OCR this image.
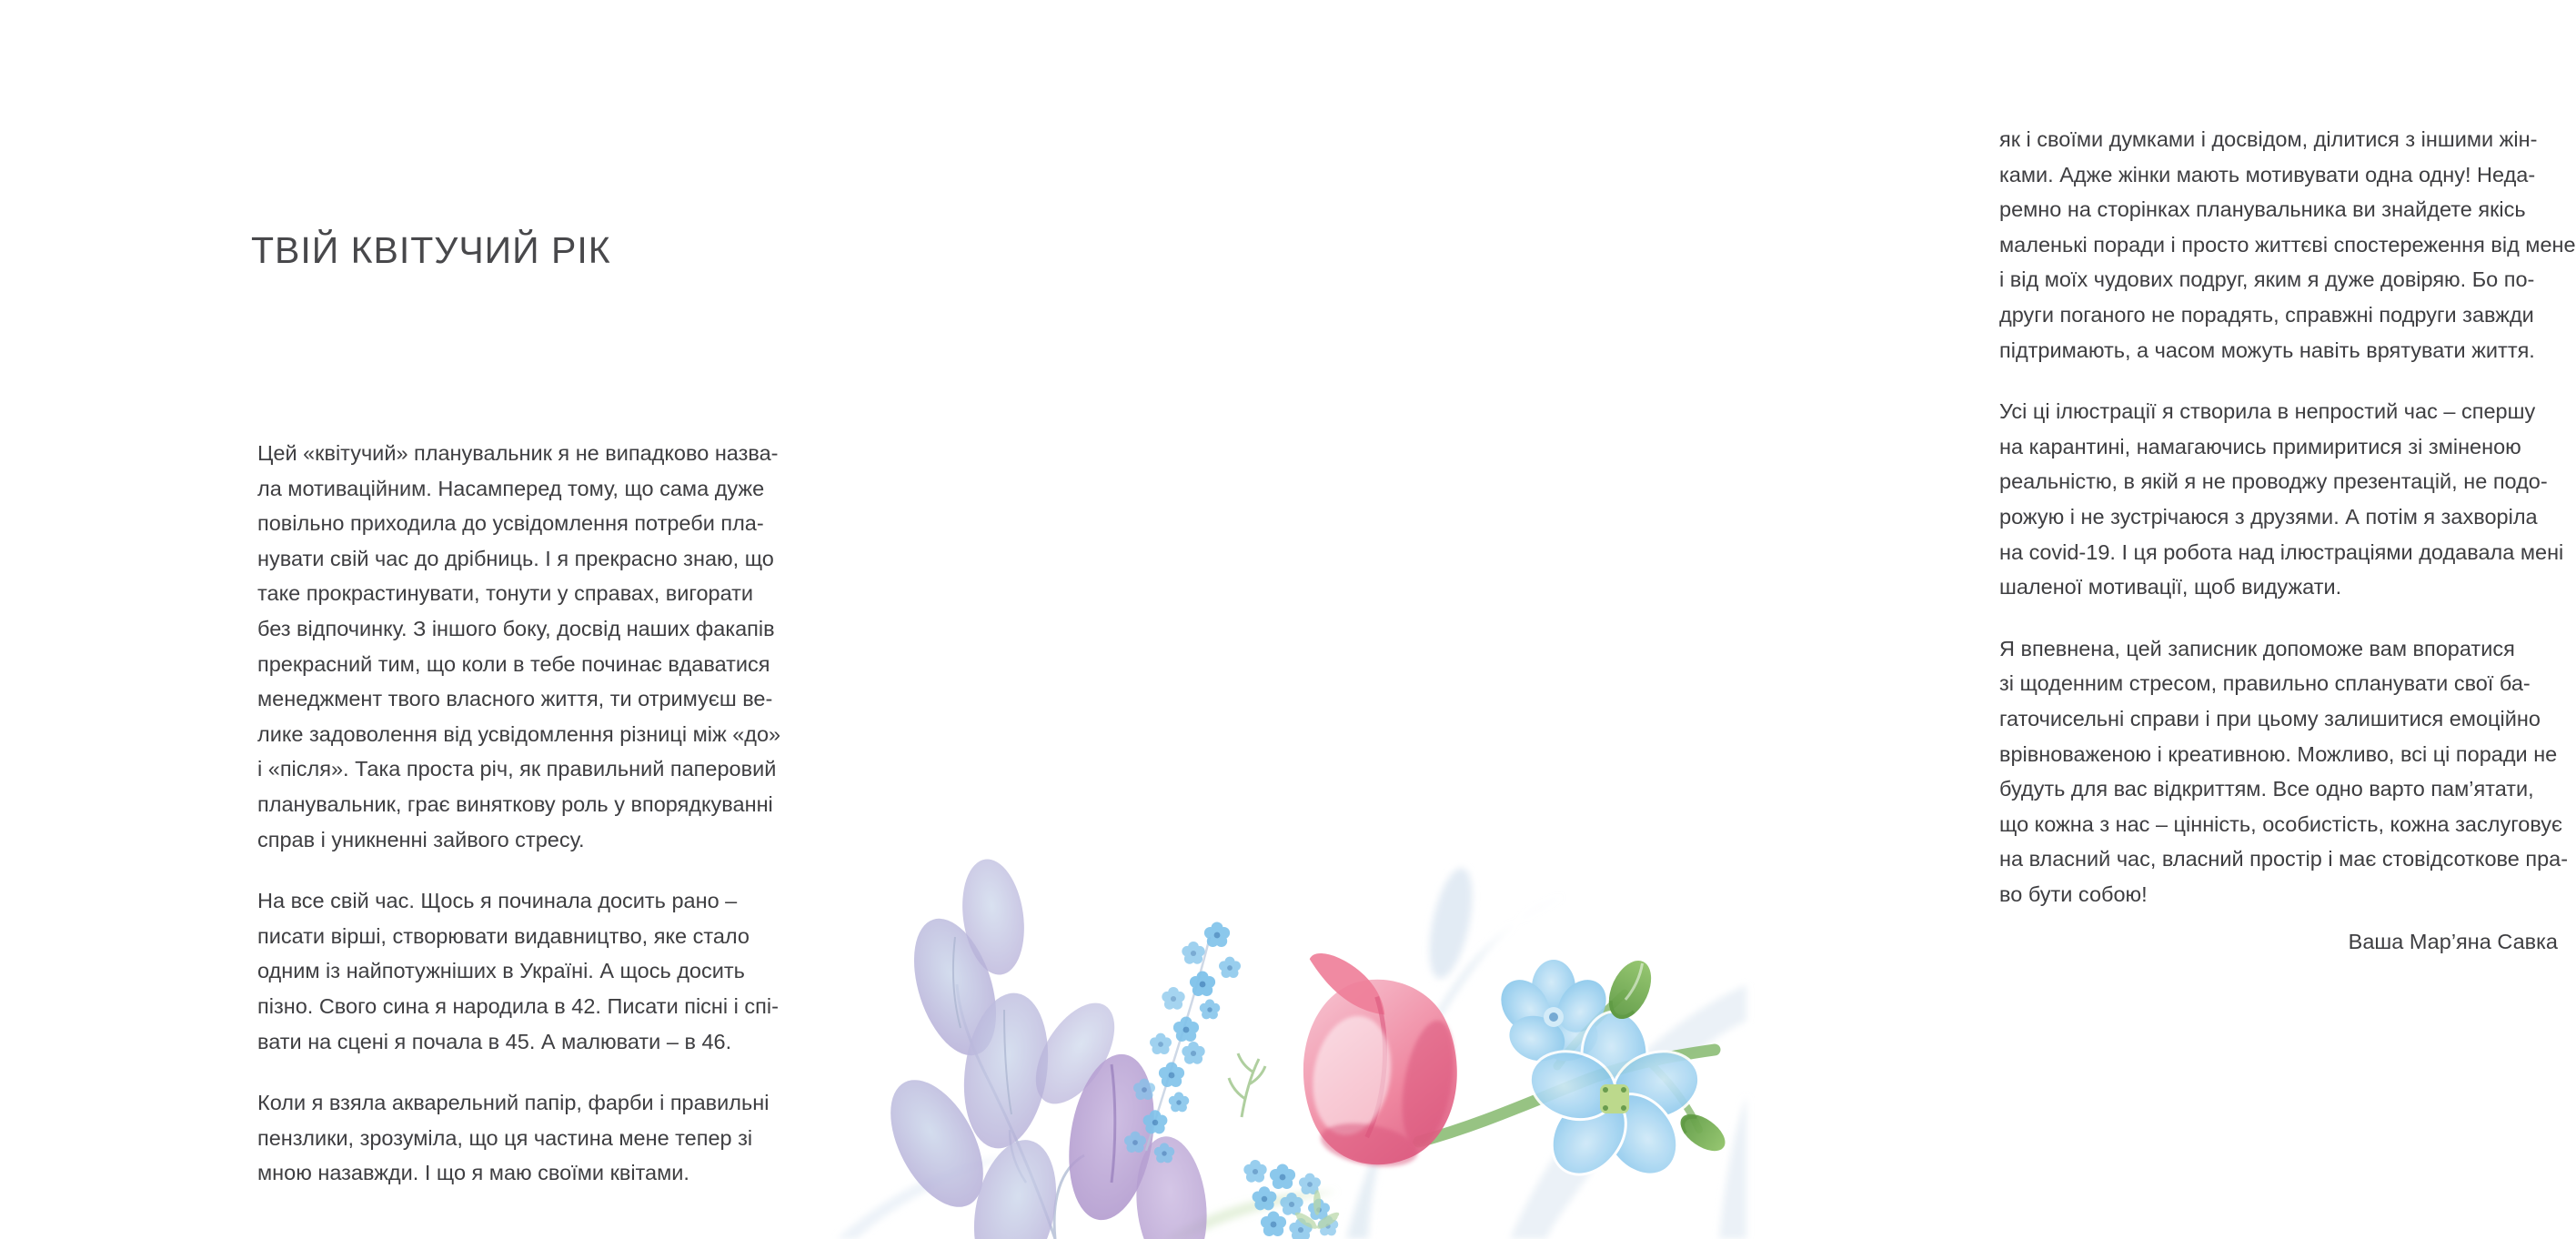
ТВІЙ КВІТУЧИЙ РІК
Цей «квітучий» планувальник я не випадково назва-
ла мотиваційним. Насамперед тому, що сама дуже
повільно приходила до усвідомлення потреби пла-
нувати свій час до дрібниць. І я прекрасно знаю, що
таке прокрастинувати, тонути у справах, вигорати
без відпочинку. З іншого боку, досвід наших факапів
прекрасний тим, що коли в тебе починає вдаватися
менеджмент твого власного життя, ти отримуєш ве-
лике задоволення від усвідомлення різниці між «до»
і «після». Така проста річ, як правильний паперовий
планувальник, грає виняткову роль у впорядкуванні
справ і уникненні зайвого стресу.
На все свій час. Щось я починала досить рано –
писати вірші, створювати видавництво, яке стало
одним із найпотужніших в Україні. А щось досить
пізно. Свого сина я народила в 42. Писати пісні і спі-
вати на сцені я почала в 45. А малювати – в 46.
Коли я взяла акварельний папір, фарби і правильні
пензлики, зрозуміла, що ця частина мене тепер зі
мною назавжди. І що я маю своїми квітами.
як і своїми думками і досвідом, ділитися з іншими жін-
ками. Адже жінки мають мотивувати одна одну! Неда-
ремно на сторінках планувальника ви знайдете якісь
маленькі поради і просто життєві спостереження від мене
і від моїх чудових подруг, яким я дуже довіряю. Бо по-
други поганого не порадять, справжні подруги завжди
підтримають, а часом можуть навіть врятувати життя.
Усі ці ілюстрації я створила в непростий час – спершу
на карантині, намагаючись примиритися зі зміненою
реальністю, в якій я не проводжу презентацій, не подо-
рожую і не зустрічаюся з друзями. А потім я захворіла
на covid-19. І ця робота над ілюстраціями додавала мені
шаленої мотивації, щоб видужати.
Я впевнена, цей записник допоможе вам впоратися
зі щоденним стресом, правильно спланувати свої ба-
гаточисельні справи і при цьому залишитися емоційно
врівноваженою і креативною. Можливо, всі ці поради не
будуть для вас відкриттям. Все одно варто пам’ятати,
що кожна з нас – цінність, особистість, кожна заслуговує
на власний час, власний простір і має стовідсоткове пра-
во бути собою!
Ваша Мар’яна Савка
